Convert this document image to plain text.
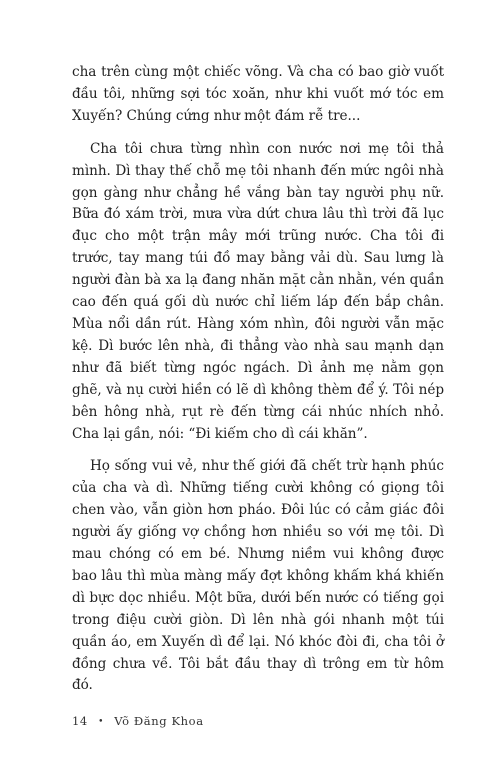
cha trên cùng một chiếc võng. Và cha có bao giờ vuốt đầu tôi, những sợi tóc xoăn, như khi vuốt mớ tóc em Xuyến? Chúng cứng như một đám rễ tre...

Cha tôi chưa từng nhìn con nước nơi mẹ tôi thả mình. Dì thay thế chỗ mẹ tôi nhanh đến mức ngôi nhà gọn gàng như chẳng hề vắng bàn tay người phụ nữ. Bữa đó xám trời, mưa vừa dứt chưa lâu thì trời đã lục đục cho một trận mây mới trũng nước. Cha tôi đi trước, tay mang túi đồ may bằng vải dù. Sau lưng là người đàn bà xa lạ đang nhăn mặt cằn nhằn, vén quần cao đến quá gối dù nước chỉ liếm láp đến bắp chân. Mùa nổi dần rút. Hàng xóm nhìn, đôi người vẫn mặc kệ. Dì bước lên nhà, đi thẳng vào nhà sau mạnh dạn như đã biết từng ngóc ngách. Dì ảnh mẹ nằm gọn ghẽ, và nụ cười hiền có lẽ dì không thèm để ý. Tôi nép bên hông nhà, rụt rè đến từng cái nhúc nhích nhỏ. Cha lại gần, nói: “Đi kiếm cho dì cái khăn”.

Họ sống vui vẻ, như thế giới đã chết trừ hạnh phúc của cha và dì. Những tiếng cười không có giọng tôi chen vào, vẫn giòn hơn pháo. Đôi lúc có cảm giác đôi người ấy giống vợ chồng hơn nhiều so với mẹ tôi. Dì mau chóng có em bé. Nhưng niềm vui không được bao lâu thì mùa màng mấy đợt không khấm khá khiến dì bực dọc nhiều. Một bữa, dưới bến nước có tiếng gọi trong điệu cười giòn. Dì lên nhà gói nhanh một túi quần áo, em Xuyến dì để lại. Nó khóc đòi đi, cha tôi ở đồng chưa về. Tôi bắt đầu thay dì trông em từ hôm đó.

14 • Võ Đăng Khoa
